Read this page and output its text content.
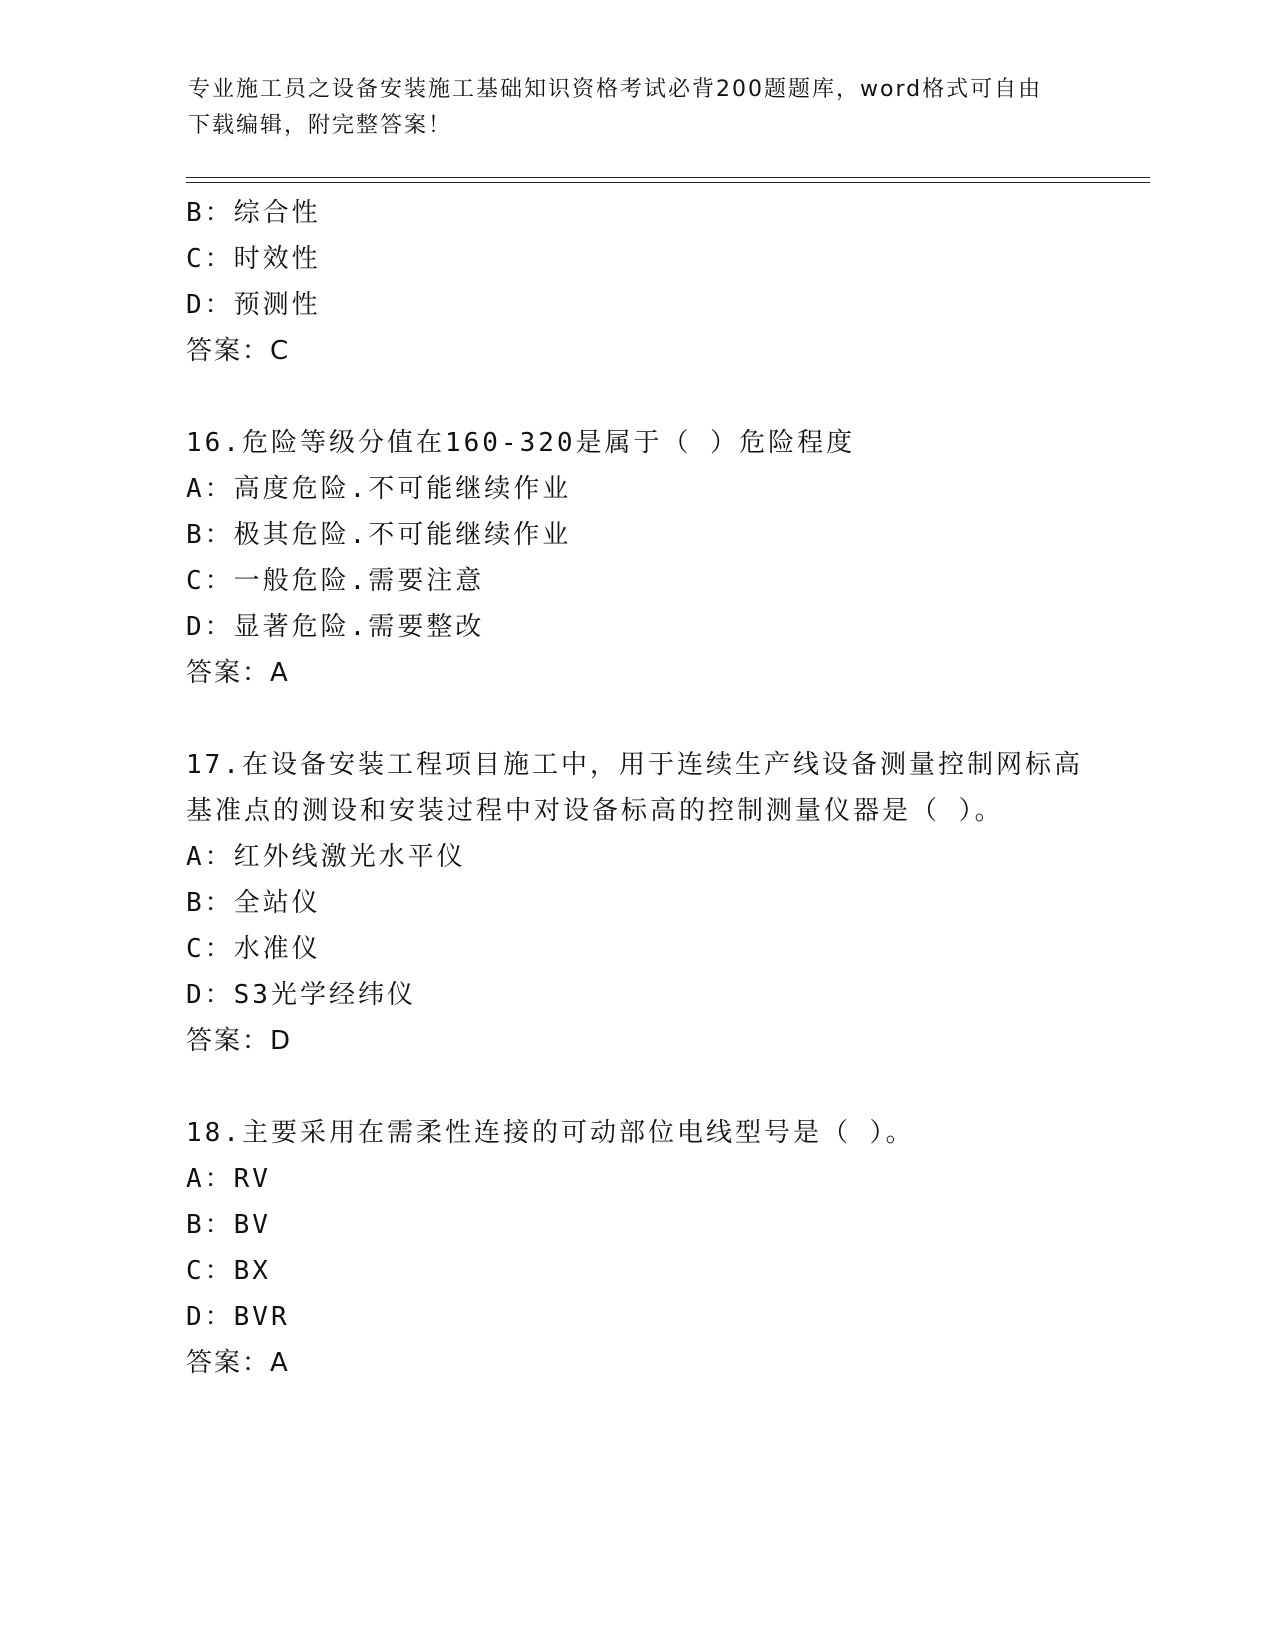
专业施工员之设备安装施工基础知识资格考试必背200题题库，word格式可自由
下载编辑，附完整答案！
B：综合性
C：时效性
D：预测性
答案：C
16.危险等级分值在160-320是属于（ ）危险程度
A：高度危险.不可能继续作业
B：极其危险.不可能继续作业
C：一般危险.需要注意
D：显著危险.需要整改
答案：A
17.在设备安装工程项目施工中，用于连续生产线设备测量控制网标高
基准点的测设和安装过程中对设备标高的控制测量仪器是（ ）。
A：红外线激光水平仪
B：全站仪
C：水准仪
D：S3光学经纬仪
答案：D
18.主要采用在需柔性连接的可动部位电线型号是（ ）。
A：RV
B：BV
C：BX
D：BVR
答案：A
